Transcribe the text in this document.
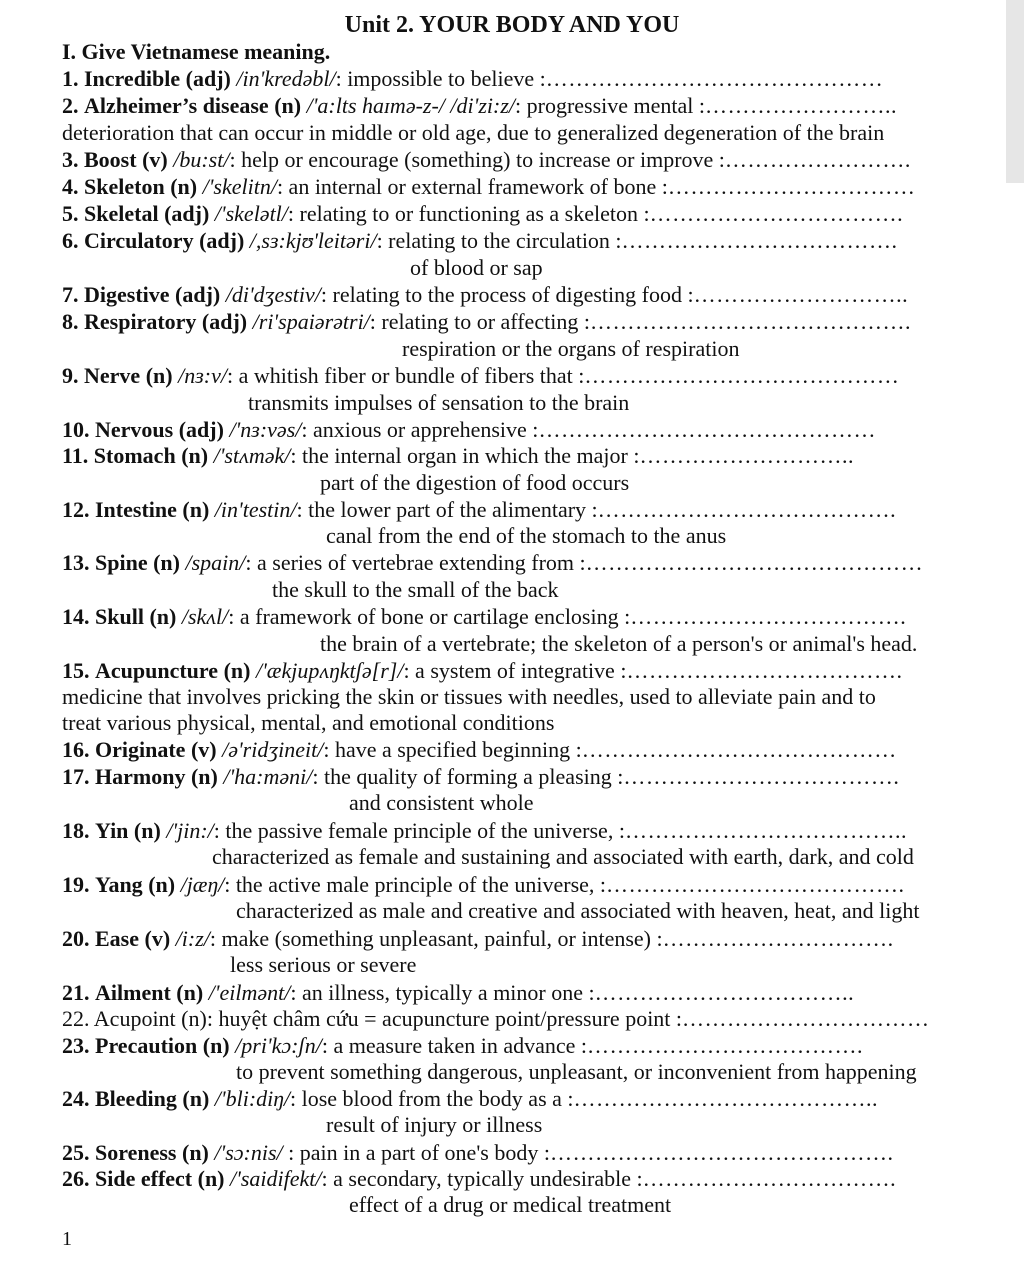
Unit 2. YOUR BODY AND YOU
I. Give Vietnamese meaning.
1. Incredible (adj) /in'kredəbl/: impossible to believe :………………………………………
2. Alzheimer’s disease (n) /'a:lts haɪmə-z-/ /di'zi:z/: progressive mental :……………………..
deterioration that can occur in middle or old age, due to generalized degeneration of the brain
3. Boost (v) /bu:st/: help or encourage (something) to increase or improve :…………………….
4. Skeleton (n) /'skelitn/: an internal or external framework of bone :……………………………
5. Skeletal (adj) /'skelətl/: relating to or functioning as a skeleton :…………………………….
6. Circulatory (adj) /,sɜ:kjʊ'leitəri/: relating to the circulation :……………………………….
of blood or sap
7. Digestive (adj) /di'dʒestiv/: relating to the process of digesting food :………………………..
8. Respiratory (adj) /ri'spaiərətri/: relating to or affecting :…………………………………….
respiration or the organs of respiration
9. Nerve (n) /nɜ:v/: a whitish fiber or bundle of fibers that :……………………………………
transmits impulses of sensation to the brain
10. Nervous (adj) /'nɜ:vəs/: anxious or apprehensive :………………………………………
11. Stomach (n) /'stʌmək/: the internal organ in which the major :………………………..
part of the digestion of food occurs
12. Intestine (n) /in'testin/: the lower part of the alimentary :………………………………….
canal from the end of the stomach to the anus
13. Spine (n) /spain/: a series of vertebrae extending from :………………………………………
the skull to the small of the back
14. Skull (n) /skʌl/: a framework of bone or cartilage enclosing :……………………………….
the brain of a vertebrate; the skeleton of a person's or animal's head.
15. Acupuncture (n) /'ækjupʌŋktʃə[r]/: a system of integrative :……………………………….
medicine that involves pricking the skin or tissues with needles, used to alleviate pain and to
treat various physical, mental, and emotional conditions
16. Originate (v) /ə'ridʒineit/: have a specified beginning :……………………………………
17. Harmony (n) /'ha:məni/: the quality of forming a pleasing :……………………………….
and consistent whole
18. Yin (n) /'jin:/: the passive female principle of the universe, :………………………………..
characterized as female and sustaining and associated with earth, dark, and cold
19. Yang (n) /jæŋ/: the active male principle of the universe, :………………………………….
characterized as male and creative and associated with heaven, heat, and light
20. Ease (v) /i:z/: make (something unpleasant, painful, or intense) :………………………….
less serious or severe
21. Ailment (n) /'eilmənt/: an illness, typically a minor one :……………………………..
22. Acupoint (n): huyệt châm cứu = acupuncture point/pressure point :……………………………
23. Precaution (n) /pri'kɔ:ʃn/: a measure taken in advance :……………………………….
to prevent something dangerous, unpleasant, or inconvenient from happening
24. Bleeding (n) /'bli:diŋ/: lose blood from the body as a :…………………………………..
result of injury or illness
25. Soreness (n) /'sɔ:nis/ : pain in a part of one's body :……………………………………….
26. Side effect (n) /'saidifekt/: a secondary, typically undesirable :…………………………….
effect of a drug or medical treatment
1
